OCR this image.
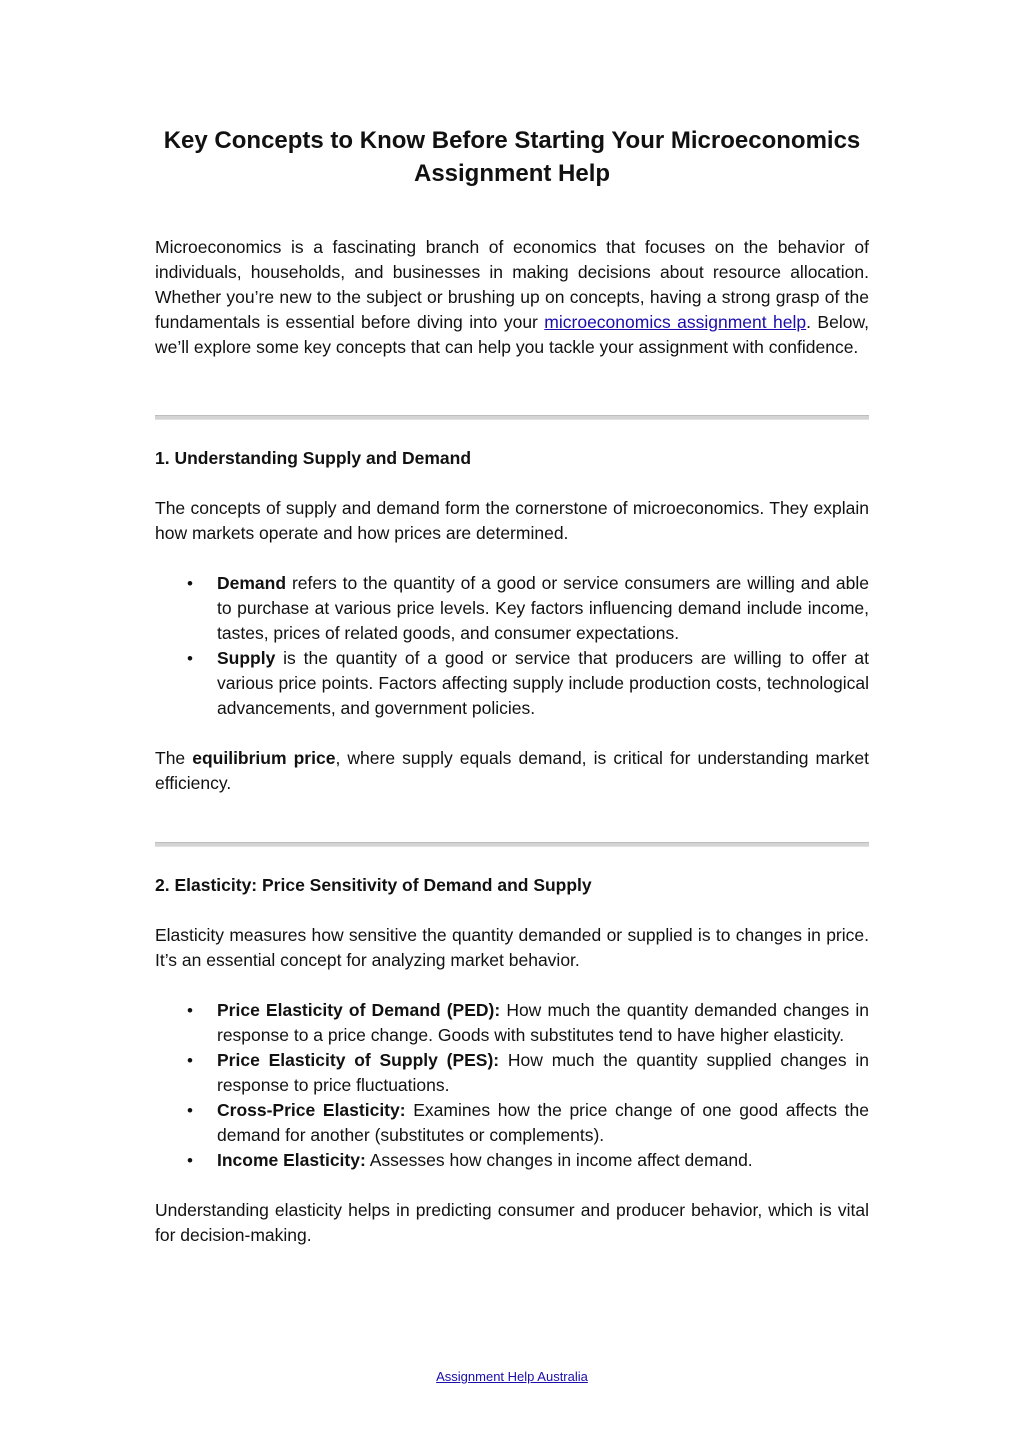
Key Concepts to Know Before Starting Your Microeconomics
Assignment Help

Microeconomics is a fascinating branch of economics that focuses on the behavior of individuals, households, and businesses in making decisions about resource allocation. Whether you’re new to the subject or brushing up on concepts, having a strong grasp of the fundamentals is essential before diving into your microeconomics assignment help. Below, we’ll explore some key concepts that can help you tackle your assignment with confidence.

1. Understanding Supply and Demand

The concepts of supply and demand form the cornerstone of microeconomics. They explain how markets operate and how prices are determined.

• Demand refers to the quantity of a good or service consumers are willing and able to purchase at various price levels. Key factors influencing demand include income, tastes, prices of related goods, and consumer expectations.
• Supply is the quantity of a good or service that producers are willing to offer at various price points. Factors affecting supply include production costs, technological advancements, and government policies.

The equilibrium price, where supply equals demand, is critical for understanding market efficiency.

2. Elasticity: Price Sensitivity of Demand and Supply

Elasticity measures how sensitive the quantity demanded or supplied is to changes in price. It’s an essential concept for analyzing market behavior.

• Price Elasticity of Demand (PED): How much the quantity demanded changes in response to a price change. Goods with substitutes tend to have higher elasticity.
• Price Elasticity of Supply (PES): How much the quantity supplied changes in response to price fluctuations.
• Cross-Price Elasticity: Examines how the price change of one good affects the demand for another (substitutes or complements).
• Income Elasticity: Assesses how changes in income affect demand.

Understanding elasticity helps in predicting consumer and producer behavior, which is vital for decision-making.

Assignment Help Australia
